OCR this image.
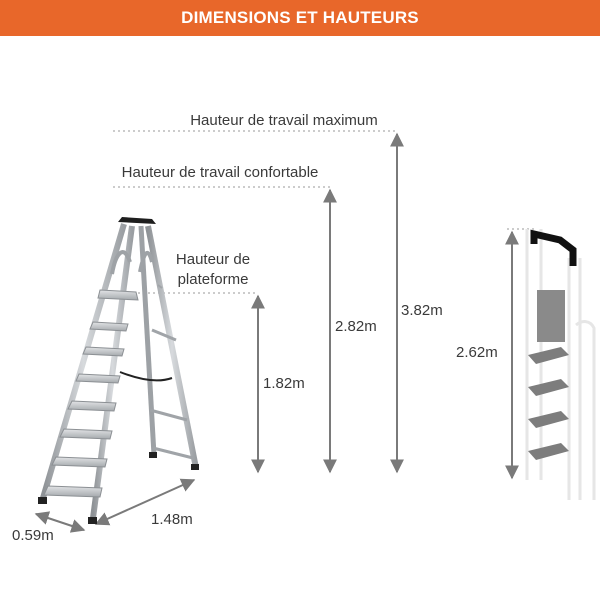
DIMENSIONS ET HAUTEURS
Hauteur de travail maximum
Hauteur de travail confortable
Hauteur de
plateforme
1.82m
2.82m
3.82m
2.62m
1.48m
0.59m
